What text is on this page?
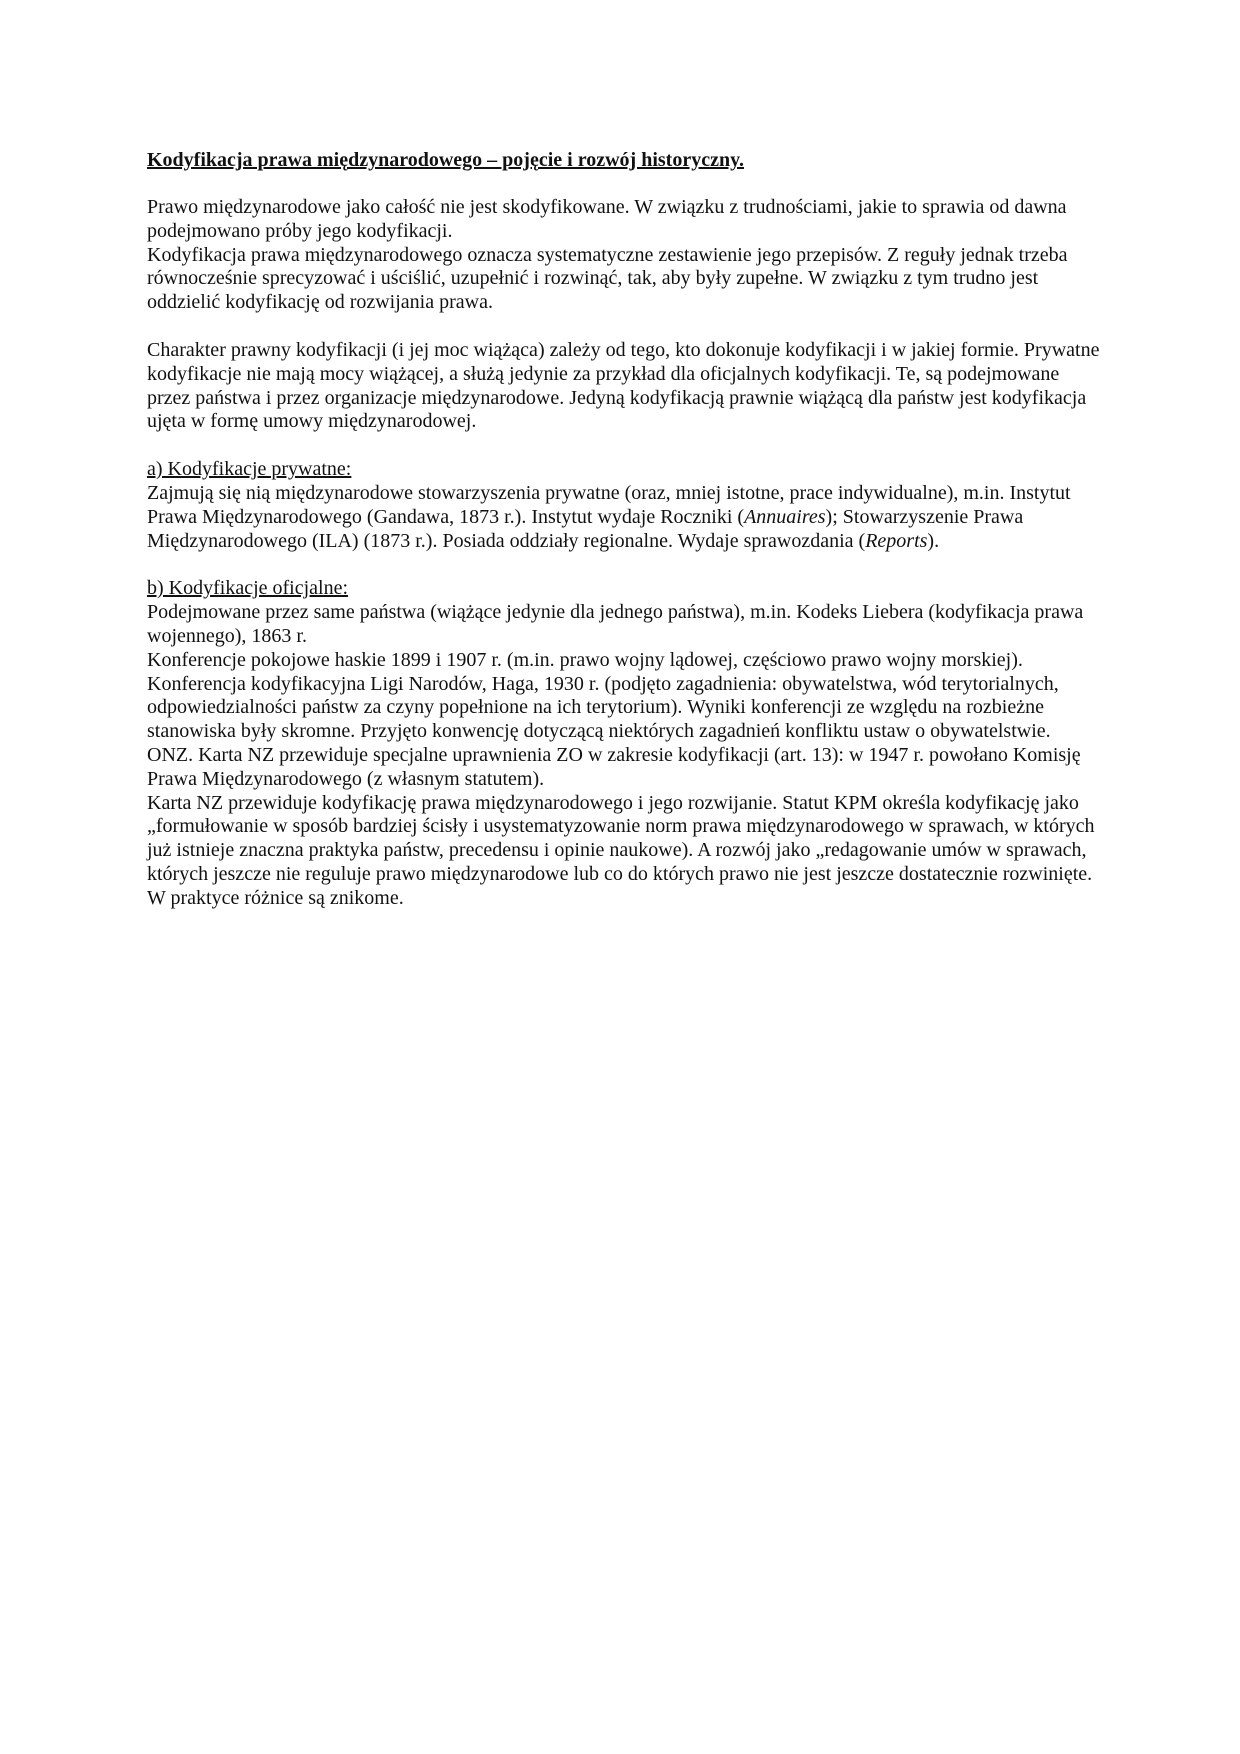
Kodyfikacja prawa międzynarodowego – pojęcie i rozwój historyczny.

Prawo międzynarodowe jako całość nie jest skodyfikowane. W związku z trudnościami, jakie to sprawia od dawna podejmowano próby jego kodyfikacji.

Kodyfikacja prawa międzynarodowego oznacza systematyczne zestawienie jego przepisów. Z reguły jednak trzeba równocześnie sprecyzować i uściślić, uzupełnić i rozwinąć, tak, aby były zupełne. W związku z tym trudno jest oddzielić kodyfikację od rozwijania prawa.

Charakter prawny kodyfikacji (i jej moc wiążąca) zależy od tego, kto dokonuje kodyfikacji i w jakiej formie. Prywatne kodyfikacje nie mają mocy wiążącej, a służą jedynie za przykład dla oficjalnych kodyfikacji. Te, są podejmowane przez państwa i przez organizacje międzynarodowe. Jedyną kodyfikacją prawnie wiążącą dla państw jest kodyfikacja ujęta w formę umowy międzynarodowej.

a) Kodyfikacje prywatne:

Zajmują się nią międzynarodowe stowarzyszenia prywatne (oraz, mniej istotne, prace indywidualne), m.in. Instytut Prawa Międzynarodowego (Gandawa, 1873 r.). Instytut wydaje Roczniki (Annuaires); Stowarzyszenie Prawa Międzynarodowego (ILA) (1873 r.). Posiada oddziały regionalne. Wydaje sprawozdania (Reports).

b) Kodyfikacje oficjalne:

Podejmowane przez same państwa (wiążące jedynie dla jednego państwa), m.in. Kodeks Liebera (kodyfikacja prawa wojennego), 1863 r.

Konferencje pokojowe haskie 1899 i 1907 r. (m.in. prawo wojny lądowej, częściowo prawo wojny morskiej).

Konferencja kodyfikacyjna Ligi Narodów, Haga, 1930 r. (podjęto zagadnienia: obywatelstwa, wód terytorialnych, odpowiedzialności państw za czyny popełnione na ich terytorium). Wyniki konferencji ze względu na rozbieżne stanowiska były skromne. Przyjęto konwencję dotyczącą niektórych zagadnień konfliktu ustaw o obywatelstwie.

ONZ. Karta NZ przewiduje specjalne uprawnienia ZO w zakresie kodyfikacji (art. 13): w 1947 r. powołano Komisję Prawa Międzynarodowego (z własnym statutem).

Karta NZ przewiduje kodyfikację prawa międzynarodowego i jego rozwijanie. Statut KPM określa kodyfikację jako „formułowanie w sposób bardziej ścisły i usystematyzowanie norm prawa międzynarodowego w sprawach, w których już istnieje znaczna praktyka państw, precedensu i opinie naukowe). A rozwój jako „redagowanie umów w sprawach, których jeszcze nie reguluje prawo międzynarodowe lub co do których prawo nie jest jeszcze dostatecznie rozwinięte. W praktyce różnice są znikome.
